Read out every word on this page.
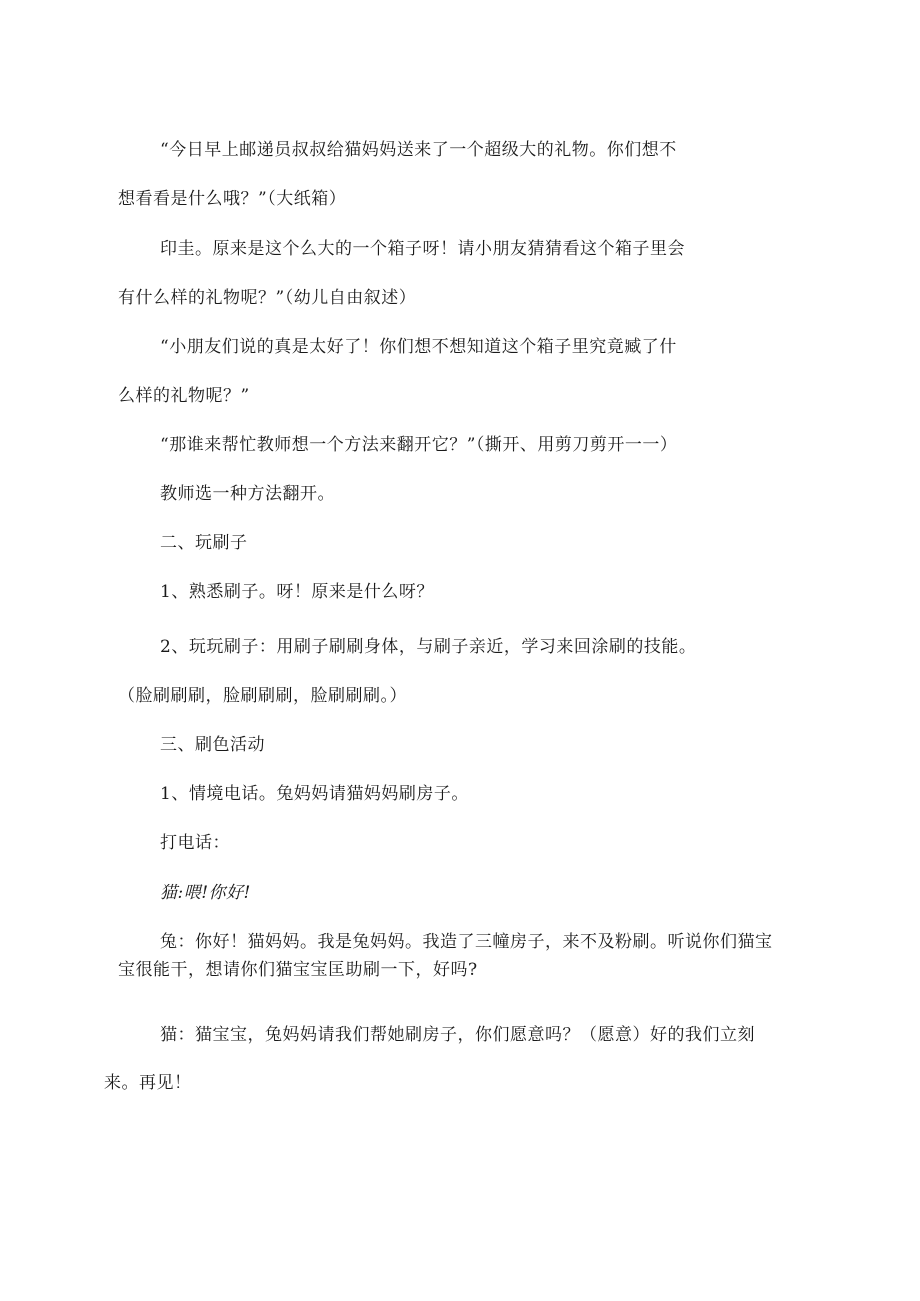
“今日早上邮递员叔叔给猫妈妈送来了一个超级大的礼物。你们想不
想看看是什么哦？”（大纸箱）
印圭。原来是这个么大的一个箱子呀！请小朋友猜猜看这个箱子里会
有什么样的礼物呢？”（幼儿自由叙述）
“小朋友们说的真是太好了！你们想不想知道这个箱子里究竟臧了什
么样的礼物呢？”
“那谁来帮忙教师想一个方法来翻开它？”（撕开、用剪刀剪开一一）
教师选一种方法翻开。
二、玩刷子
1、熟悉刷子。呀！原来是什么呀？
2、玩玩刷子：用刷子刷刷身体，与刷子亲近，学习来回涂刷的技能。
（脸刷刷刷，脸刷刷刷，脸刷刷刷。）
三、刷色活动
1、情境电话。兔妈妈请猫妈妈刷房子。
打电话：
猫:喂!你好!
兔：你好！猫妈妈。我是兔妈妈。我造了三幢房子，来不及粉刷。听说你们猫宝
宝很能干，想请你们猫宝宝匡助刷一下，好吗?
猫：猫宝宝，兔妈妈请我们帮她刷房子，你们愿意吗？（愿意）好的我们立刻
来。再见！
